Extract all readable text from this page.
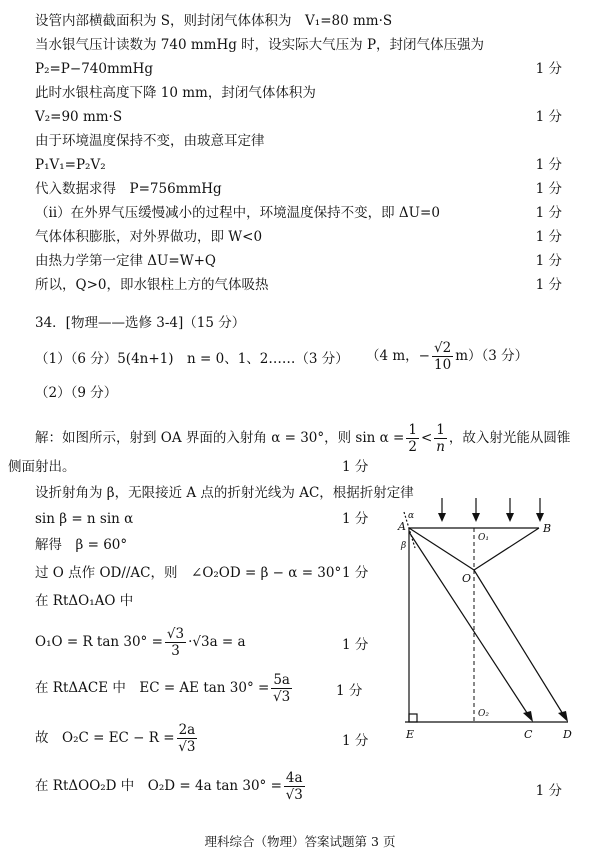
设管内部横截面积为 S，则封闭气体体积为　V₁=80 mm·S
当水银气压计读数为 740 mmHg 时，设实际大气压为 P，封闭气体压强为
P₂=P−740mmHg	1 分
此时水银柱高度下降 10 mm，封闭气体体积为
V₂=90 mm·S	1 分
由于环境温度保持不变，由玻意耳定律
P₁V₁=P₂V₂	1 分
代入数据求得　P=756mmHg	1 分
（ⅱ）在外界气压缓慢减小的过程中，环境温度保持不变，即 ΔU=0	1 分
气体体积膨胀，对外界做功，即 W<0	1 分
由热力学第一定律 ΔU=W+Q	1 分
所以，Q>0，即水银柱上方的气体吸热	1 分
34．[物理——选修 3-4]（15 分）
（1）（6 分）5(4n+1)　n = 0、1、2……（3 分） （4 m，− $\frac{√2}{10} m)(3$ 分）
（2）（9 分）
解：如图所示，射到 OA 界面的入射角 α = 30°，则 $\sin \alpha = \frac{1}{2} < \frac{1}{n}$ ，故入射光能从圆锥
侧面射出。	1 分
设折射角为 β，无限接近 A 点的折射光线为 AC，根据折射定律
sin β = n sin α	1 分
解得　β = 60°
过 O 点作 OD//AC，则　∠O₂OD = β − α = 30° 1 分
在 RtΔO₁AO 中
O₁O = R $\tan 30^\circ = \frac{√3}{3} \cdot√3a = a$	1 分
在 RtΔACE 中　EC = AE $\tan 30^\circ = \frac{5a}{√3}$	1 分
故　O₂C = EC − $R = \frac{2a}{√3}$	1 分
在 RtΔOO₂D 中　O₂D = 4a $\tan 30^\circ = \frac{4a}{√3}$	1 分
A	B
O₁
O
O₂
E	C	D
α
β
理科综合（物理）答案试题第 3 页
